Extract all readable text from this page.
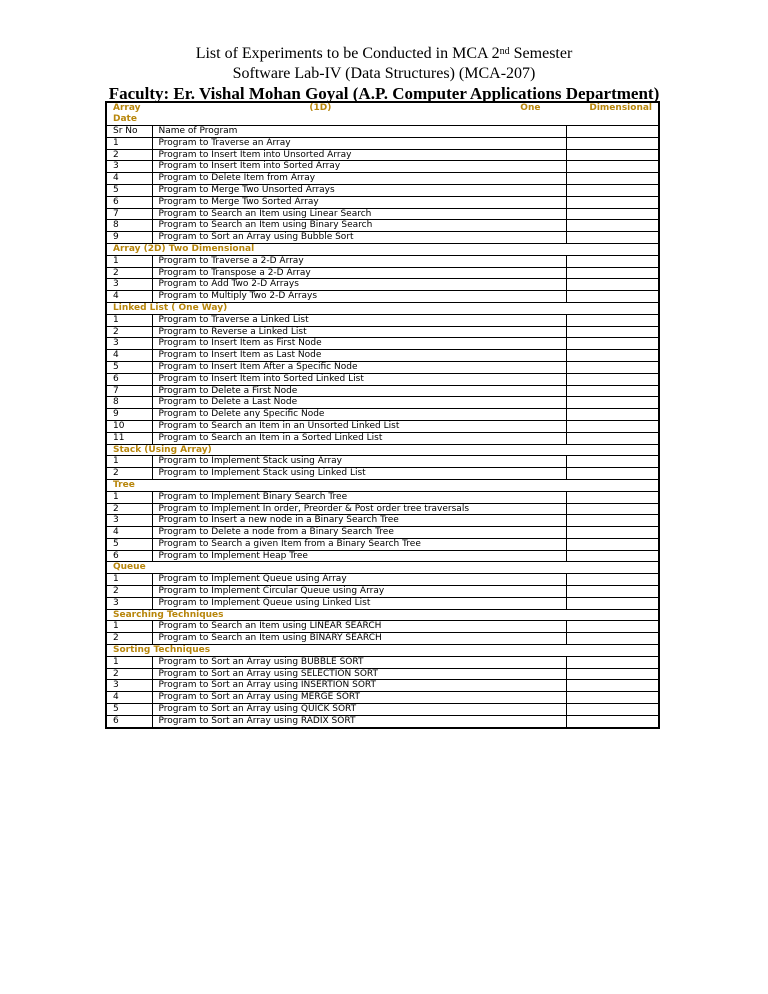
List of Experiments to be Conducted in MCA 2nd Semester

Software Lab-IV (Data Structures) (MCA-207)

Faculty: Er. Vishal Mohan Goyal (A.P. Computer Applications Department)

Array (1D) One Dimensional
Date		

Sr No	Name of Program	
1	Program to Traverse an Array	
2	Program to Insert Item into Unsorted Array	
3	Program to Insert Item into Sorted Array	
4	Program to Delete Item from Array	
5	Program to Merge Two Unsorted Arrays	
6	Program to Merge Two Sorted Array	
7	Program to Search an Item using Linear Search	
8	Program to Search an Item using Binary Search	
9	Program to Sort an Array using Bubble Sort	
Array (2D) Two Dimensional		
1	Program to Traverse a 2-D Array	
2	Program to Transpose a 2-D Array	
3	Program to Add Two 2-D Arrays	
4	Program to Multiply Two 2-D Arrays	
Linked List ( One Way)		
1	Program to Traverse a Linked List	
2	Program to Reverse a Linked List	
3	Program to Insert Item as First Node	
4	Program to Insert Item as Last Node	
5	Program to Insert Item After a Specific Node	
6	Program to Insert Item into Sorted Linked List	
7	Program to Delete a First Node	
8	Program to Delete a Last Node	
9	Program to Delete any Specific Node	
10	Program to Search an Item in an Unsorted Linked List	
11	Program to Search an Item in a Sorted Linked List	
Stack (Using Array)		
1	Program to Implement Stack using Array	
2	Program to Implement Stack using Linked List	
Tree		
1	Program to Implement Binary Search Tree	
2	Program to Implement In order, Preorder & Post order tree traversals	
3	Program to Insert a new node in a Binary Search Tree	
4	Program to Delete a node from a Binary Search Tree	
5	Program to Search a given Item from a Binary Search Tree	
6	Program to Implement Heap Tree	
Queue		
1	Program to Implement Queue using Array	
2	Program to Implement Circular Queue using Array	
3	Program to Implement Queue using Linked List	
Searching Techniques		
1	Program to Search an Item using LINEAR SEARCH	
2	Program to Search an Item using BINARY SEARCH	
Sorting Techniques		
1	Program to Sort an Array using BUBBLE SORT	
2	Program to Sort an Array using SELECTION SORT	
3	Program to Sort an Array using INSERTION SORT	
4	Program to Sort an Array using MERGE SORT	
5	Program to Sort an Array using QUICK SORT	
6	Program to Sort an Array using RADIX SORT	
